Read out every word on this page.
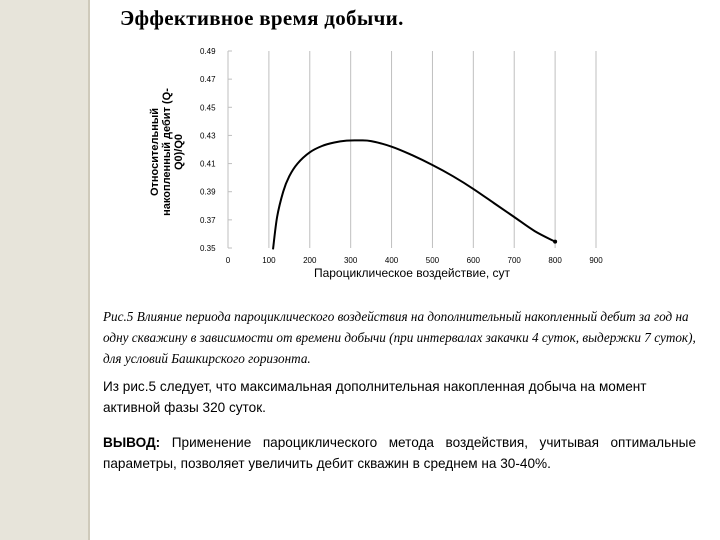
Эффективное время добычи.
0.49
0.47
0.45
0.43
0.41
0.39
0.37
0.35
0	100	200	300	400	500	600	700	800	900
Пароциклическое воздействие, сут
Относительный накопленный дебит (Q- Q0)/Q0

Рис.5 Влияние периода пароциклического воздействия на дополнительный накопленный дебит за год на одну скважину в зависимости от времени добычи (при интервалах закачки 4 суток, выдержки 7 суток), для условий Башкирского горизонта.

Из рис.5 следует, что максимальная дополнительная накопленная добыча на момент активной фазы 320 суток.

ВЫВОД: Применение пароциклического метода воздействия, учитывая оптимальные параметры, позволяет увеличить дебит скважин в среднем на 30-40%.
